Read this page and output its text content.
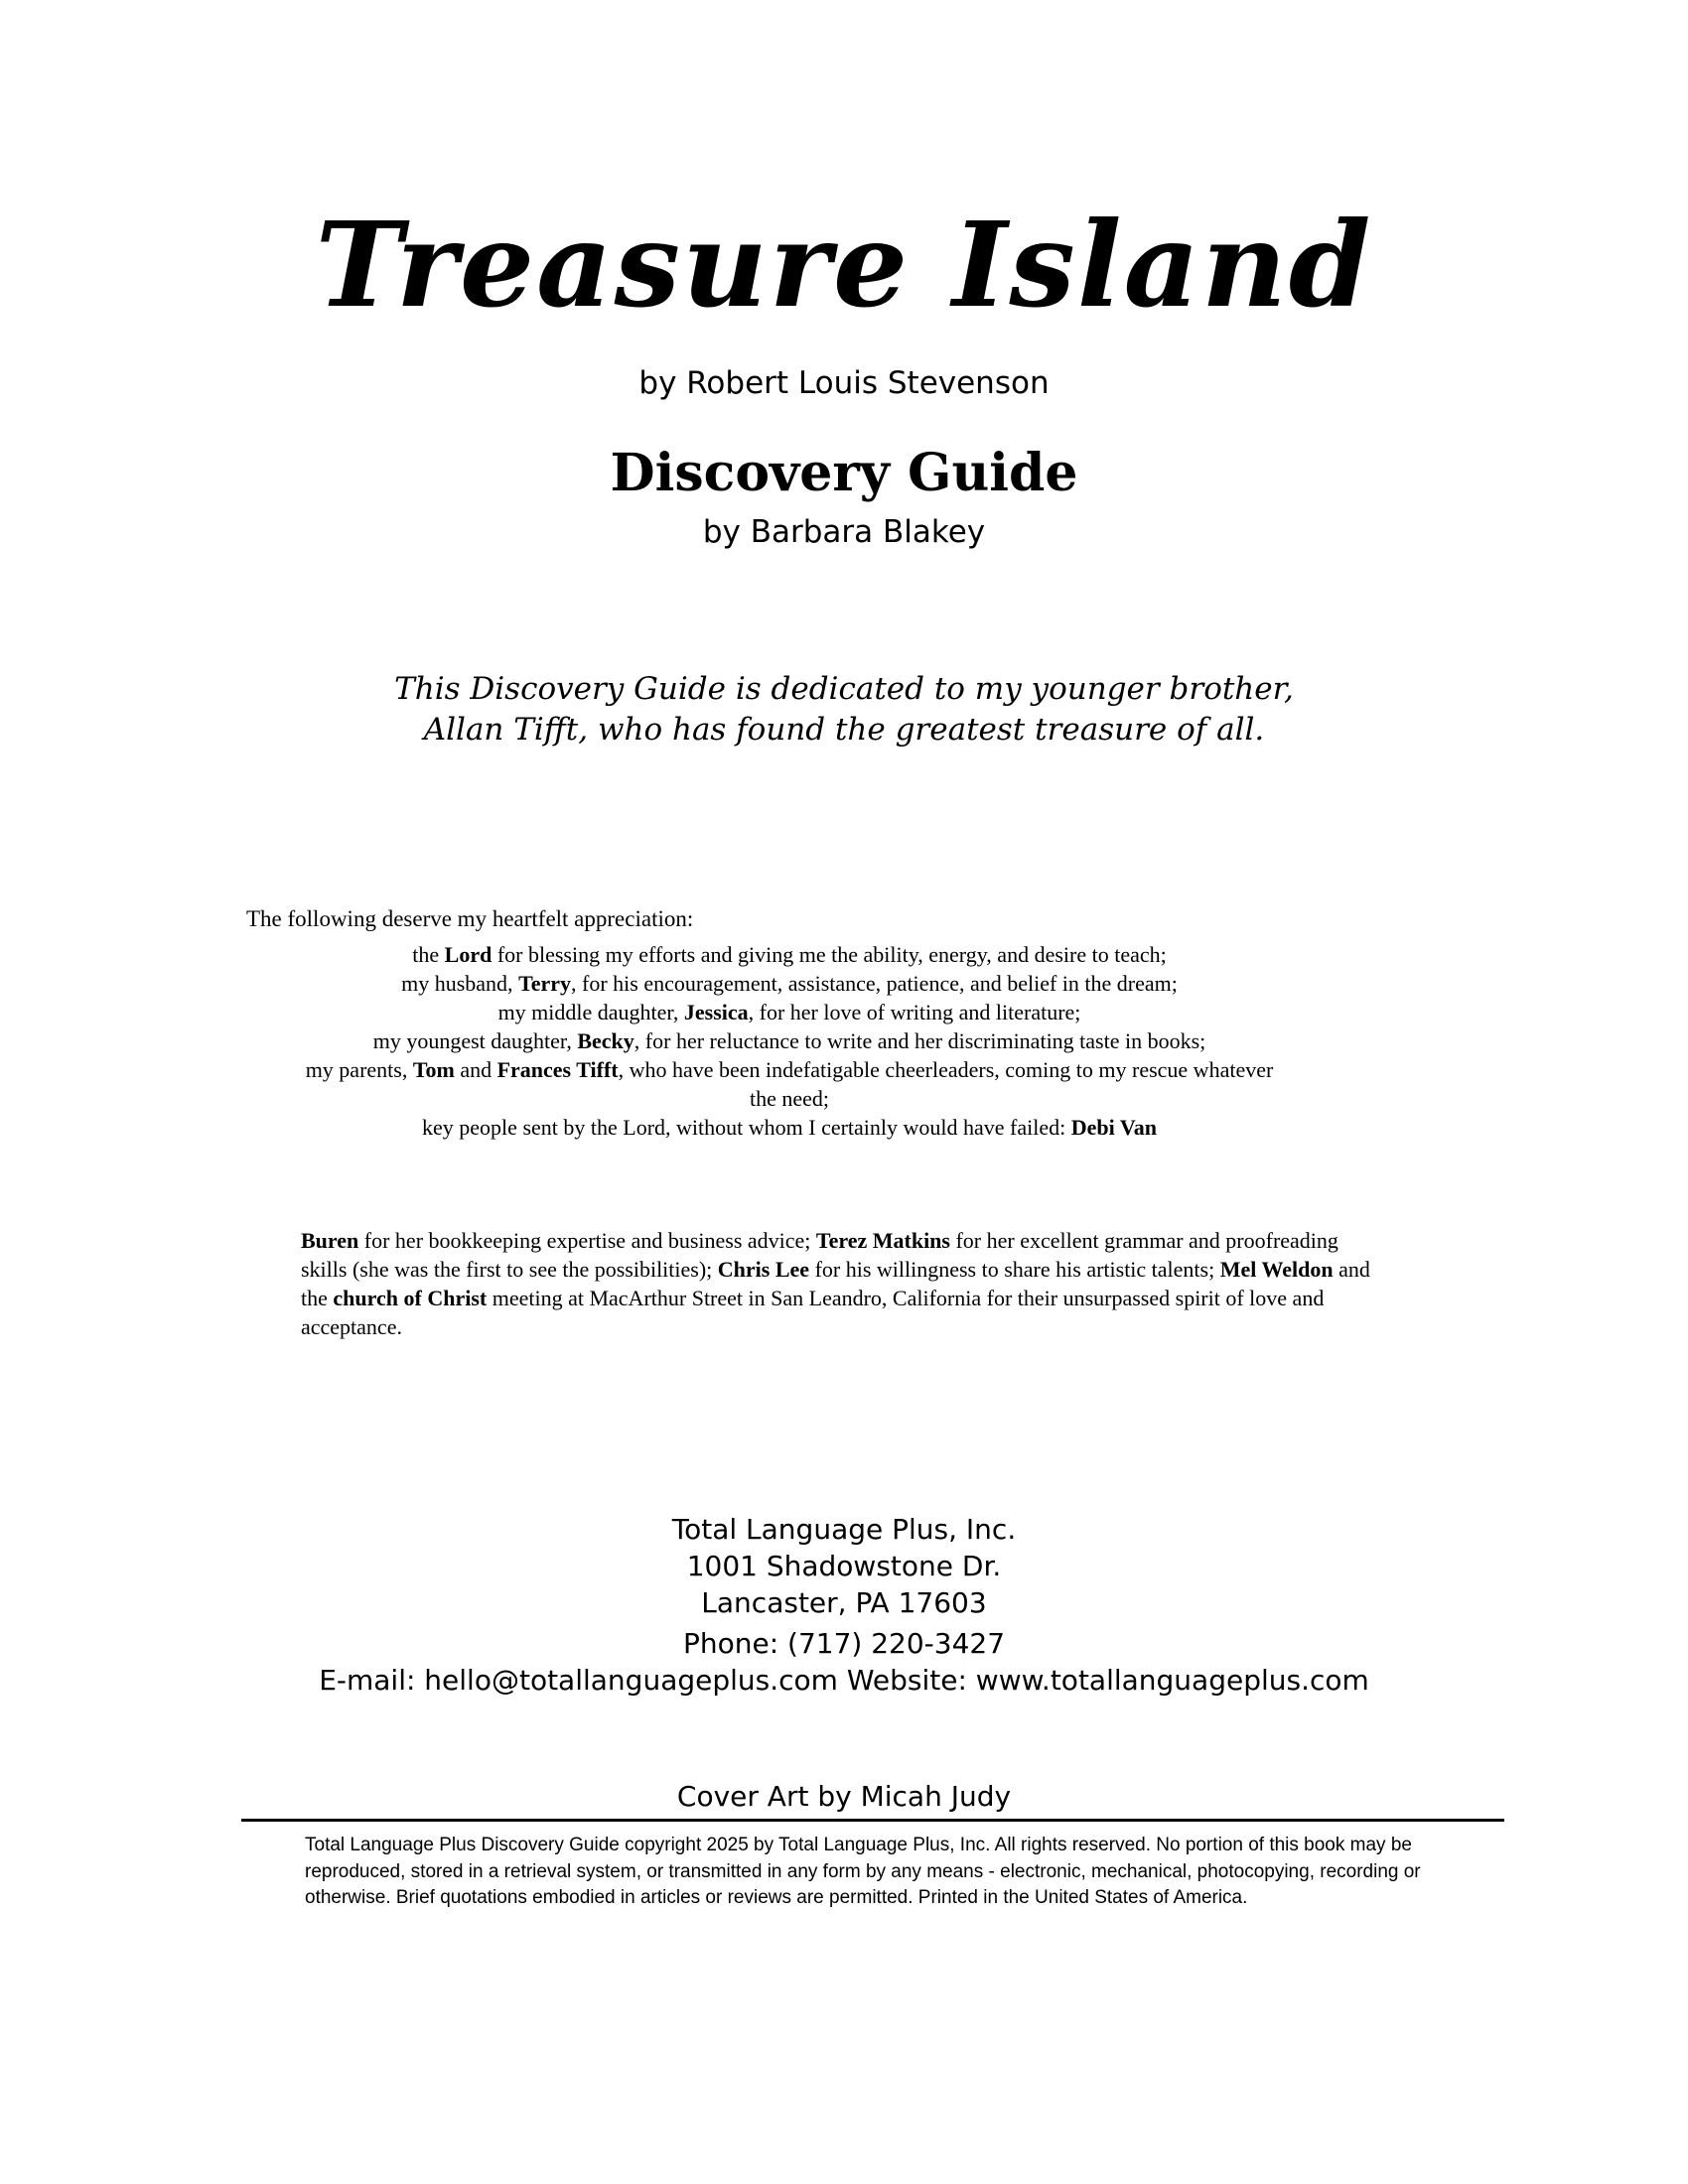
Treasure Island
by Robert Louis Stevenson
Discovery Guide
by Barbara Blakey
This Discovery Guide is dedicated to my younger brother,
Allan Tifft, who has found the greatest treasure of all.
The following deserve my heartfelt appreciation:
the Lord for blessing my efforts and giving me the ability, energy, and desire to teach;
my husband, Terry, for his encouragement, assistance, patience, and belief in the dream;
my middle daughter, Jessica, for her love of writing and literature;
my youngest daughter, Becky, for her reluctance to write and her discriminating taste in books;
my parents, Tom and Frances Tifft, who have been indefatigable cheerleaders, coming to my rescue whatever the need;
key people sent by the Lord, without whom I certainly would have failed: Debi Van
Buren for her bookkeeping expertise and business advice; Terez Matkins for her excellent grammar and proofreading skills (she was the first to see the possibilities); Chris Lee for his willingness to share his artistic talents; Mel Weldon and the church of Christ meeting at MacArthur Street in San Leandro, California for their unsurpassed spirit of love and acceptance.
Total Language Plus, Inc.
1001 Shadowstone Dr.
Lancaster, PA 17603
Phone: (717) 220-3427
E-mail: hello@totallanguageplus.com Website: www.totallanguageplus.com
Cover Art by Micah Judy
Total Language Plus Discovery Guide copyright 2025 by Total Language Plus, Inc. All rights reserved. No portion of this book may be reproduced, stored in a retrieval system, or transmitted in any form by any means - electronic, mechanical, photocopying, recording or otherwise. Brief quotations embodied in articles or reviews are permitted. Printed in the United States of America.
